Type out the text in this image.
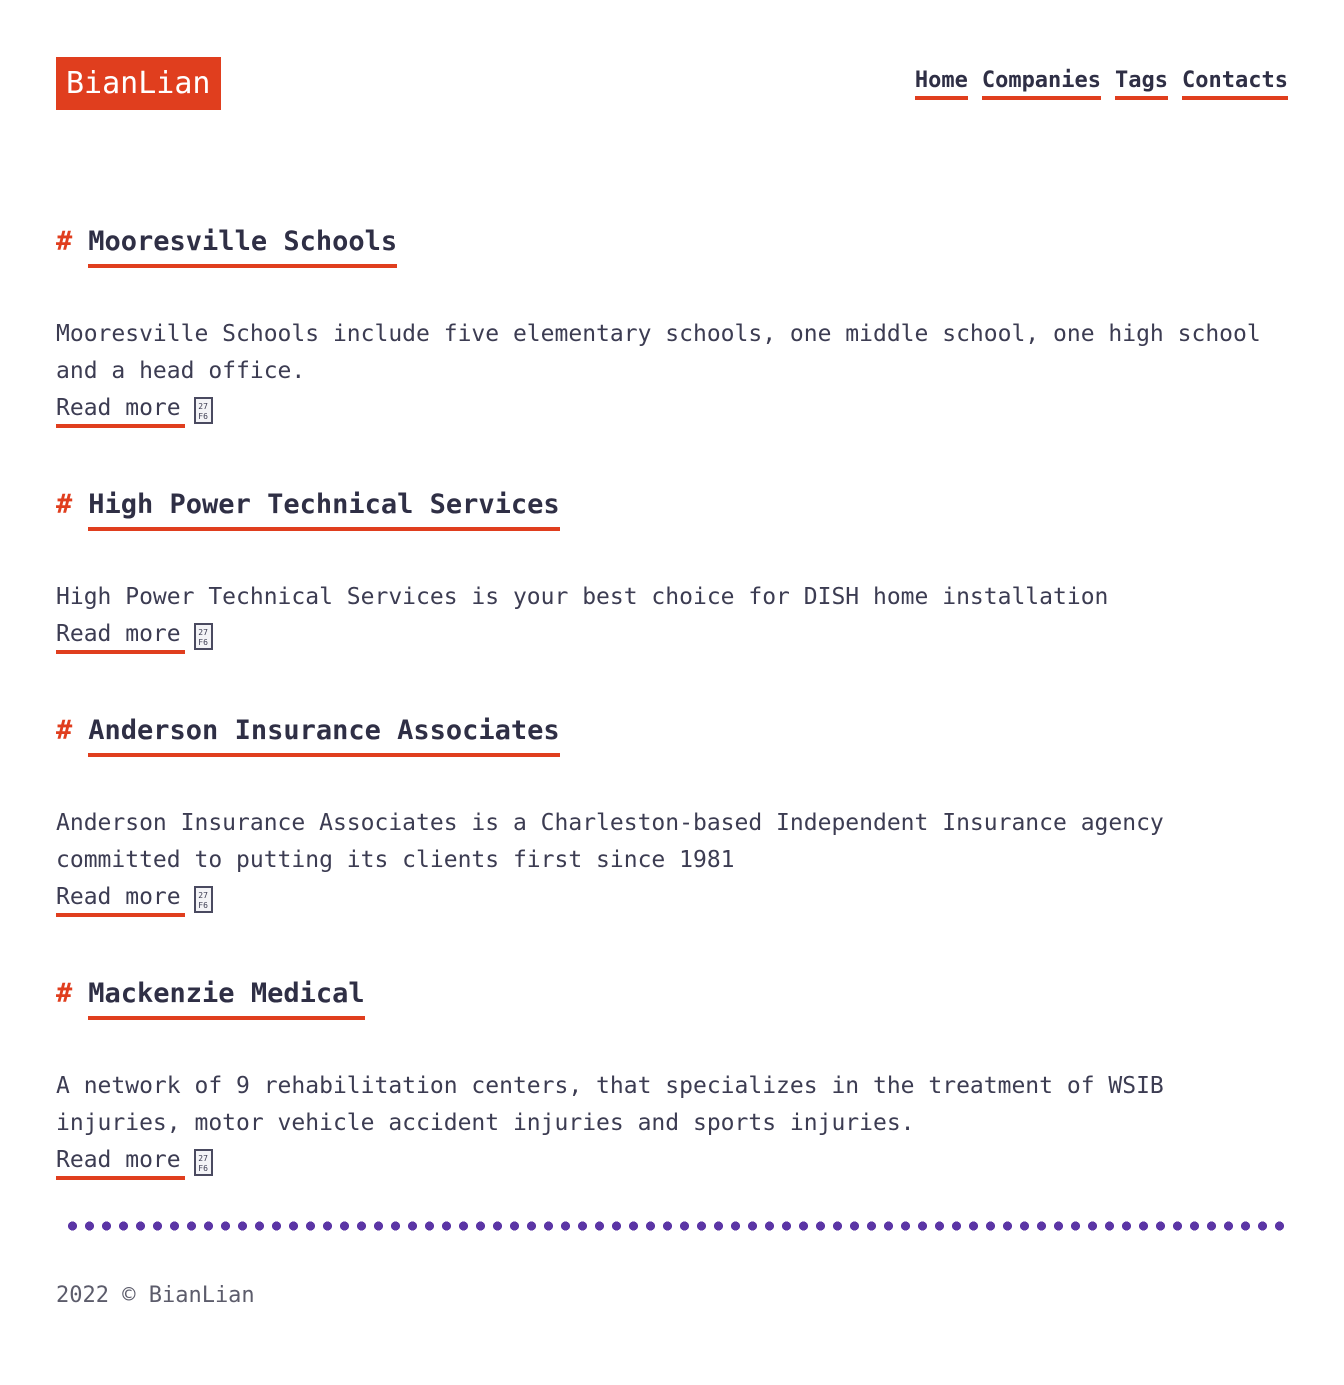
BianLian	Home Companies Tags Contacts
# Mooresville Schools

Mooresville Schools include five elementary schools, one middle school, one high school and a head office.

Read more	27
F6
# High Power Technical Services

High Power Technical Services is your best choice for DISH home installation

Read more	27
F6
# Anderson Insurance Associates

Anderson Insurance Associates is a Charleston-based Independent Insurance agency committed to putting its clients first since 1981

Read more	27
F6
# Mackenzie Medical

A network of 9 rehabilitation centers, that specializes in the treatment of WSIB injuries, motor vehicle accident injuries and sports injuries.

Read more	27
F6
2022 © BianLian
